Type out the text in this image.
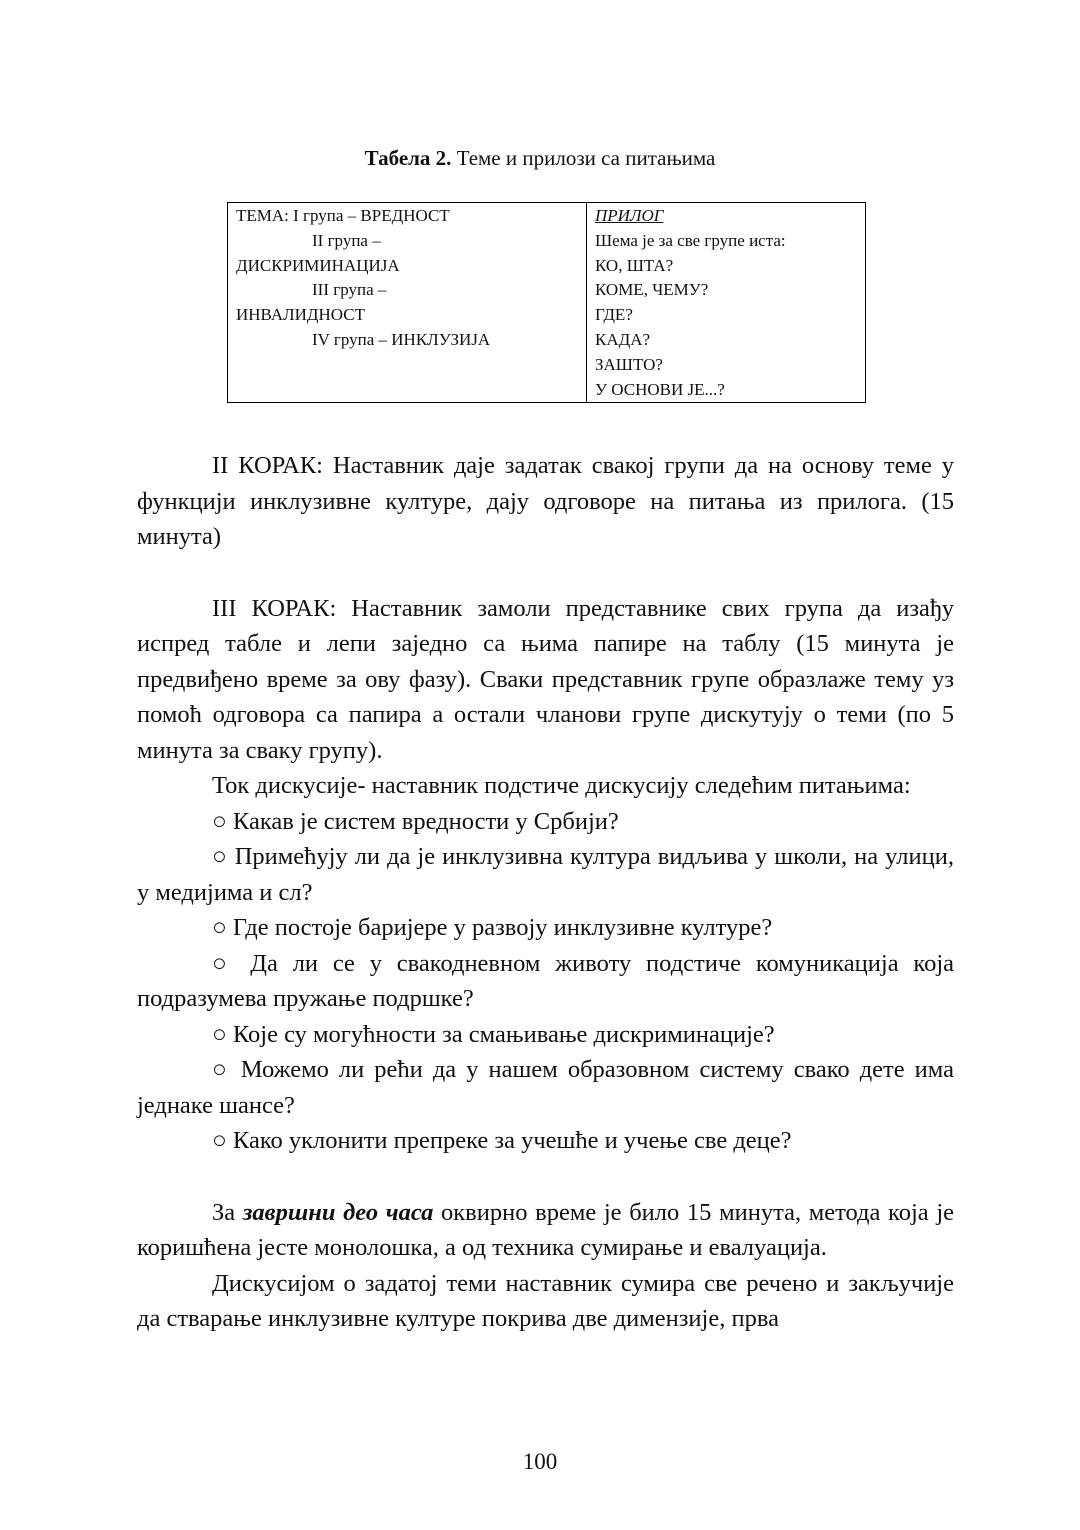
Табела 2. Теме и прилози са питањима
ТЕМА: I група – ВРЕДНОСТ
II група –
ДИСКРИМИНАЦИЈА
III група –
ИНВАЛИДНОСТ
IV група – ИНКЛУЗИЈА

ПРИЛОГ
Шема је за све групе иста:
КО, ШТА?
КОМЕ, ЧЕМУ?
ГДЕ?
КАДА?
ЗАШТО?
У ОСНОВИ ЈЕ...?

II КОРАК: Наставник даје задатак свакој групи да на основу теме у функцији инклузивне културе, дају одговоре на питања из прилога. (15 минута)

III КОРАК: Наставник замоли представнике свих група да изађу испред табле и лепи заједно са њима папире на таблу (15 минута је предвиђено време за ову фазу). Сваки представник групе образлаже тему уз помоћ одговора са папира а остали чланови групе дискутују о теми (по 5 минута за сваку групу).

Ток дискусије- наставник подстиче дискусију следећим питањима:

○ Какав је систем вредности у Србији?

○ Примећују ли да је инклузивна култура видљива у школи, на улици, у медијима и сл?

○ Где постоје баријере у развоју инклузивне културе?

○ Да ли се у свакодневном животу подстиче комуникација која подразумева пружање подршке?

○ Које су могућности за смањивање дискриминације?

○ Можемо ли рећи да у нашем образовном систему свако дете има једнаке шансе?

○ Како уклонити препреке за учешће и учење све деце?

За завршни део часа оквирно време је било 15 минута, метода која је коришћена јесте монолошка, а од техника сумирање и евалуација.

Дискусијом о задатој теми наставник сумира све речено и закључије да стварање инклузивне културе покрива две димензије, прва

100
